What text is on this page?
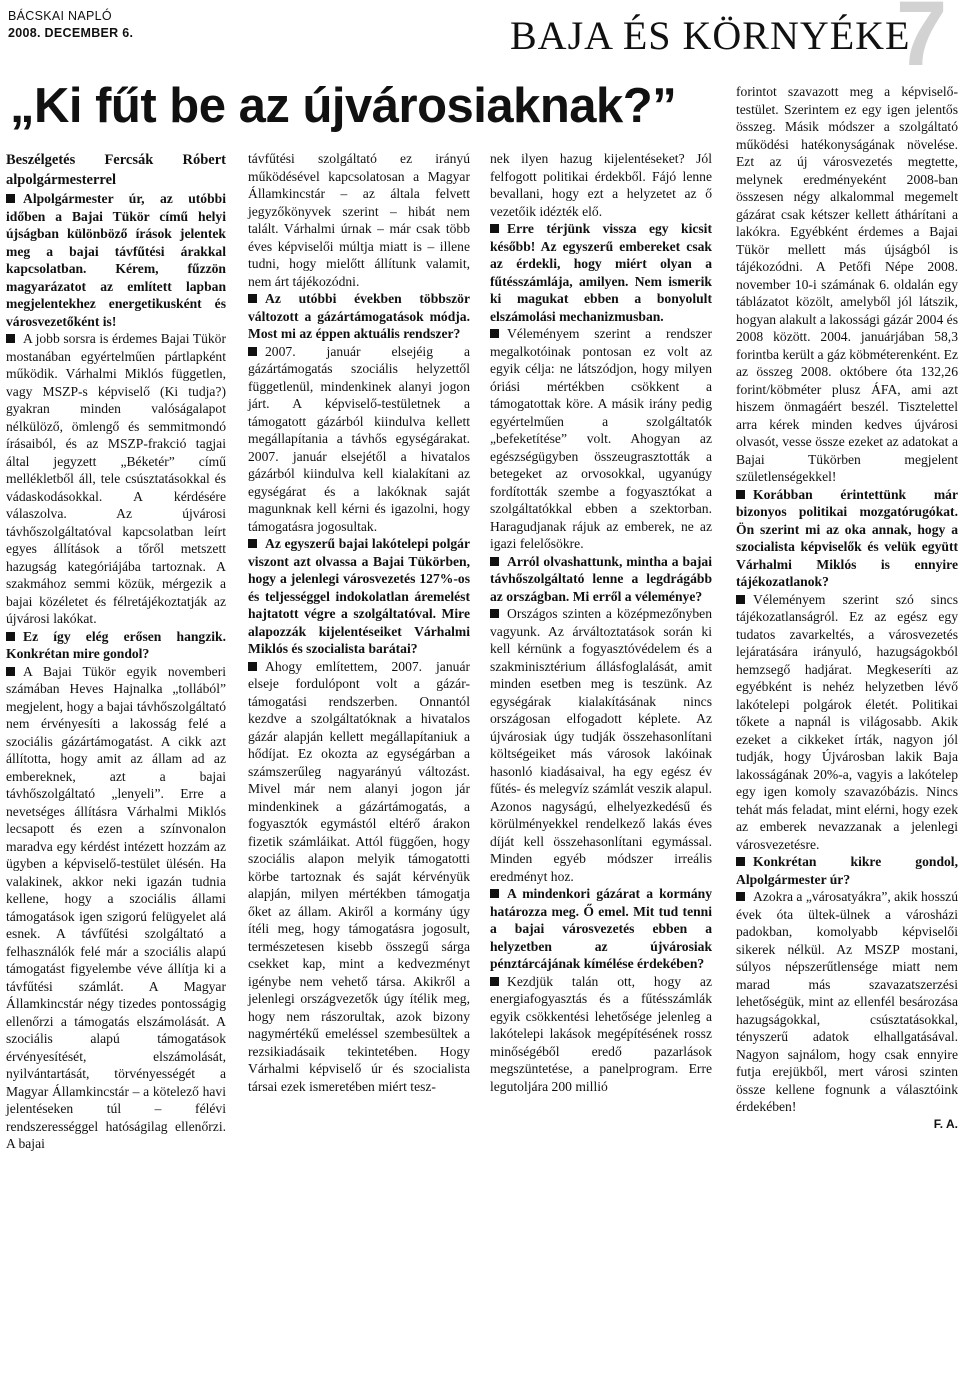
BÁCSKAI NAPLÓ
2008. DECEMBER 6.	BAJA ÉS KÖRNYÉKE
7
„Ki fűt be az újvárosiaknak?”

Beszélgetés Fercsák Róbert alpolgármesterrel

Alpolgármester úr, az utóbbi időben a Bajai Tükör című helyi újságban különböző írások jelentek meg a bajai távfűtési árakkal kapcsolatban. Kérem, fűzzön magyarázatot az említett lapban megjelentekhez energetikusként és városvezetőként is!

A jobb sorsra is érdemes Bajai Tükör mostanában egyértelműen pártlapként működik. Várhalmi Miklós független, vagy MSZP-s képviselő (Ki tudja?) gyakran minden valóságalapot nélkülöző, ömlengő és semmitmondó írásaiból, és az MSZP-frakció tagjai által jegyzett „Béketér” című mellékletből áll, tele csúsztatásokkal és vádaskodásokkal. A kérdésére válaszolva. Az újvárosi távhőszolgáltatóval kapcsolatban leírt egyes állítások a tőről metszett hazugság kategóriájába tartoznak. A szakmához semmi közük, mérgezik a bajai közéletet és félretájékoztatják az újvárosi lakókat.

Ez így elég erősen hangzik. Konkrétan mire gondol?

A Bajai Tükör egyik novemberi számában Heves Hajnalka „tollából” megjelent, hogy a bajai távhőszolgáltató nem érvényesíti a lakosság felé a szociális gázártámogatást. A cikk azt állította, hogy amit az állam ad az embereknek, azt a bajai távhőszolgáltató „lenyeli”. Erre a nevetséges állításra Várhalmi Miklós lecsapott és ezen a színvonalon maradva egy kérdést intézett hozzám az ügyben a képviselő-testület ülésén. Ha valakinek, akkor neki igazán tudnia kellene, hogy a szociális állami támogatások igen szigorú felügyelet alá esnek. A távfűtési szolgáltató a felhasználók felé már a szociális alapú támogatást figyelembe véve állítja ki a távfűtési számlát. A Magyar Államkincstár négy tizedes pontosságig ellenőrzi a támogatás elszámolását. A szociális alapú támogatások érvényesítését, elszámolását, nyilvántartását, törvényességét a Magyar Államkincstár – a kötelező havi jelentéseken túl – félévi rendszerességgel hatóságilag ellenőrzi. A bajai

távfűtési szolgáltató ez irányú működésével kapcsolatosan a Magyar Államkincstár – az általa felvett jegyzőkönyvek szerint – hibát nem talált. Várhalmi úrnak – már csak több éves képviselői múltja miatt is – illene tudni, hogy mielőtt állítunk valamit, nem árt tájékozódni.

Az utóbbi években többször változott a gázártámogatások módja. Most mi az éppen aktuális rendszer?

2007. január elsejéig a gázártámogatás szociális helyzettől függetlenül, mindenkinek alanyi jogon járt. A képviselő-testületnek a támogatott gázárból kiindulva kellett megállapítania a távhős egységárakat. 2007. január elsejétől a hivatalos gázárból kiindulva kell kialakítani az egységárat és a lakóknak saját magunknak kell kérni és igazolni, hogy támogatásra jogosultak.

Az egyszerű bajai lakótelepi polgár viszont azt olvassa a Bajai Tükörben, hogy a jelenlegi városvezetés 127%-os és teljességgel indokolatlan áremelést hajtatott végre a szolgáltatóval. Mire alapozzák kijelentéseiket Várhalmi Miklós és szocialista barátai?

Ahogy említettem, 2007. január elseje fordulópont volt a gázár-támogatási rendszerben. Onnantól kezdve a szolgáltatóknak a hivatalos gázár alapján kellett megállapítaniuk a hődíjat. Ez okozta az egységárban a számszerűleg nagyarányú változást. Mivel már nem alanyi jogon jár mindenkinek a gázártámogatás, a fogyasztók egymástól eltérő árakon fizetik számláikat. Attól függően, hogy szociális alapon melyik támogatotti körbe tartoznak és saját kérvényük alapján, milyen mértékben támogatja őket az állam. Akiről a kormány úgy ítéli meg, hogy támogatásra jogosult, természetesen kisebb összegű sárga csekket kap, mint a kedvezményt igénybe nem vehető társa. Akikről a jelenlegi országvezetők úgy ítélik meg, hogy nem rászorultak, azok bizony nagymértékű emeléssel szembesültek a rezsikiadásaik tekintetében. Hogy Várhalmi képviselő úr és szocialista társai ezek ismeretében miért tesz-

nek ilyen hazug kijelentéseket? Jól felfogott politikai érdekből. Fájó lenne bevallani, hogy ezt a helyzetet az ő vezetőik idézték elő.

Erre térjünk vissza egy kicsit később! Az egyszerű embereket csak az érdekli, hogy miért olyan a fűtésszámlája, amilyen. Nem ismerik ki magukat ebben a bonyolult elszámolási mechanizmusban.

Véleményem szerint a rendszer megalkotóinak pontosan ez volt az egyik célja: ne látszódjon, hogy milyen óriási mértékben csökkent a támogatottak köre. A másik irány pedig egyértelműen a szolgáltatók „befeketítése” volt. Ahogyan az egészségügyben összeugrasztották a betegeket az orvosokkal, ugyanúgy fordították szembe a fogyasztókat a szolgáltatókkal ebben a szektorban. Haragudjanak rájuk az emberek, ne az igazi felelősökre.

Arról olvashattunk, mintha a bajai távhőszolgáltató lenne a legdrágább az országban. Mi erről a véleménye?

Országos szinten a középmezőnyben vagyunk. Az árváltoztatások során ki kell kérnünk a fogyasztóvédelem és a szakminisztérium állásfoglalását, amit minden esetben meg is teszünk. Az egységárak kialakításának nincs országosan elfogadott képlete. Az újvárosiak úgy tudják összehasonlítani költségeiket más városok lakóinak hasonló kiadásaival, ha egy egész év fűtés- és melegvíz számlát veszik alapul. Azonos nagyságú, elhelyezkedésű és körülményekkel rendelkező lakás éves díját kell összehasonlítani egymással. Minden egyéb módszer irreális eredményt hoz.

A mindenkori gázárat a kormány határozza meg. Ő emel. Mit tud tenni a bajai városvezetés ebben a helyzetben az újvárosiak pénztárcájának kímélése érdekében?

Kezdjük talán ott, hogy az energiafogyasztás és a fűtésszámlák egyik csökkentési lehetősége jelenleg a lakótelepi lakások megépítésének rossz minőségéből eredő pazarlások megszüntetése, a panelprogram. Erre legutoljára 200 millió

forintot szavazott meg a képviselő-testület. Szerintem ez egy igen jelentős összeg. Másik módszer a szolgáltató működési hatékonyságának növelése. Ezt az új városvezetés megtette, melynek eredményeként 2008-ban összesen négy alkalommal megemelt gázárat csak kétszer kellett áthárítani a lakókra. Egyébként érdemes a Bajai Tükör mellett más újságból is tájékozódni. A Petőfi Népe 2008. november 10-i számának 6. oldalán egy táblázatot közölt, amelyből jól látszik, hogyan alakult a lakossági gázár 2004 és 2008 között. 2004. januárjában 58,3 forintba került a gáz köbméterenként. Ez az összeg 2008. októbere óta 132,26 forint/köbméter plusz ÁFA, ami azt hiszem önmagáért beszél. Tisztelettel arra kérek minden kedves újvárosi olvasót, vesse össze ezeket az adatokat a Bajai Tükörben megjelent születlenségekkel!

Korábban érintettünk már bizonyos politikai mozgatórugókat. Ön szerint mi az oka annak, hogy a szocialista képviselők és velük együtt Várhalmi Miklós is ennyire tájékozatlanok?

Véleményem szerint szó sincs tájékozatlanságról. Ez az egész egy tudatos zavarkeltés, a városvezetés lejáratására irányuló, hazugságokból hemzsegő hadjárat. Megkeseríti az egyébként is nehéz helyzetben lévő lakótelepi polgárok életét. Politikai tőkete a napnál is világosabb. Akik ezeket a cikkeket írták, nagyon jól tudják, hogy Újvárosban lakik Baja lakosságának 20%-a, vagyis a lakótelep egy igen komoly szavazóbázis. Nincs tehát más feladat, mint elérni, hogy ezek az emberek nevazzanak a jelenlegi városvezetésre.

Konkrétan kikre gondol, Alpolgármester úr?

Azokra a „városatyákra”, akik hosszú évek óta ültek-ülnek a városházi padokban, komolyabb képviselői sikerek nélkül. Az MSZP mostani, súlyos népszerűtlensége miatt nem marad más szavazatszerzési lehetőségük, mint az ellenfél besározása hazugságokkal, csúsztatásokkal, tényszerű adatok elhallgatásával. Nagyon sajnálom, hogy csak ennyire futja erejükből, mert városi szinten össze kellene fognunk a választóink érdekében!

F. A.
